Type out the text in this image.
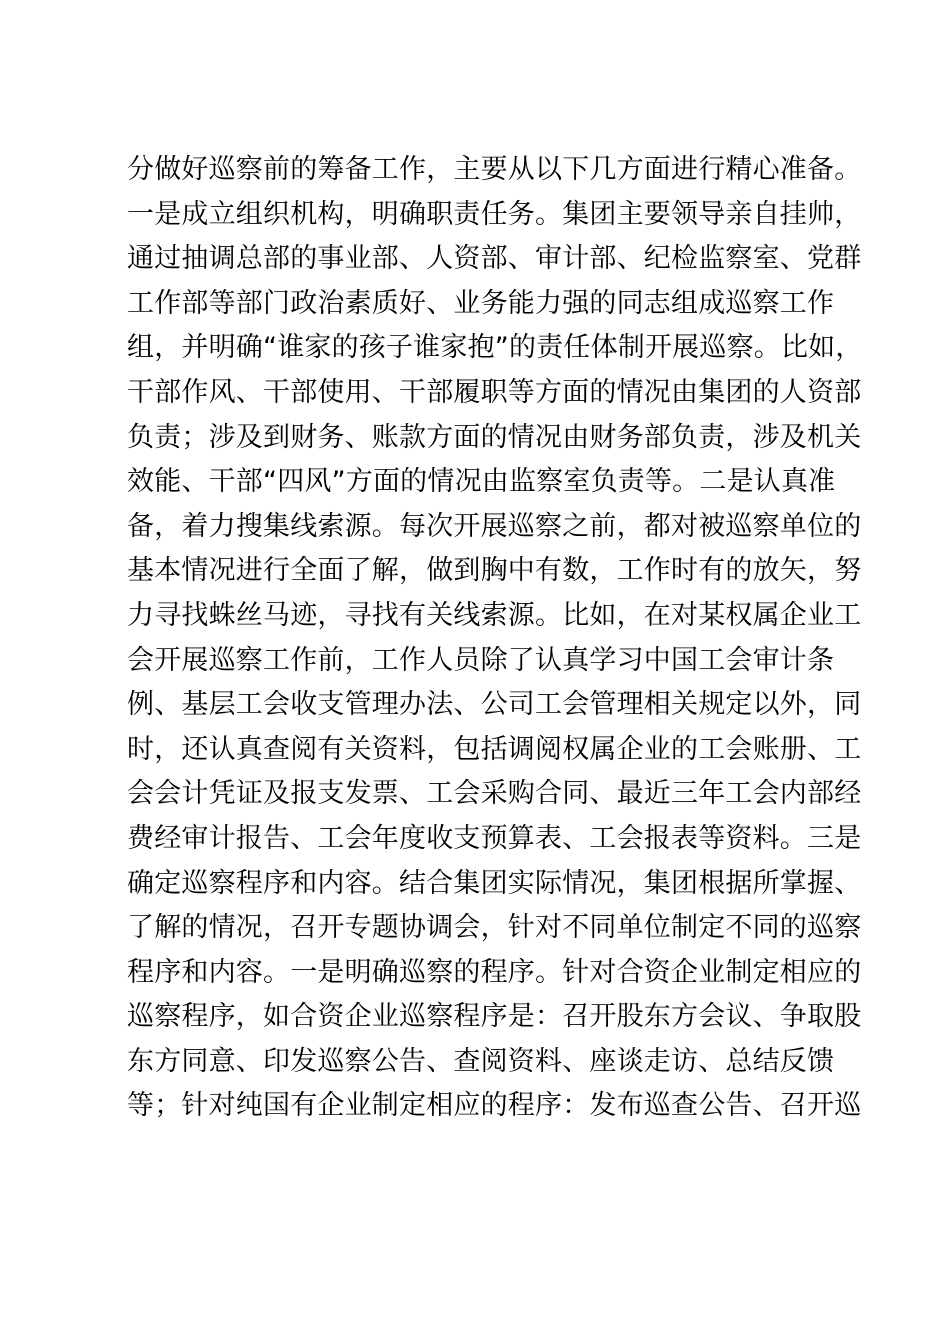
分做好巡察前的筹备工作，主要从以下几方面进行精心准备。
一是成立组织机构，明确职责任务。集团主要领导亲自挂帅，
通过抽调总部的事业部、人资部、审计部、纪检监察室、党群
工作部等部门政治素质好、业务能力强的同志组成巡察工作
组，并明确“谁家的孩子谁家抱”的责任体制开展巡察。比如，
干部作风、干部使用、干部履职等方面的情况由集团的人资部
负责；涉及到财务、账款方面的情况由财务部负责，涉及机关
效能、干部“四风”方面的情况由监察室负责等。二是认真准
备，着力搜集线索源。每次开展巡察之前，都对被巡察单位的
基本情况进行全面了解，做到胸中有数，工作时有的放矢，努
力寻找蛛丝马迹，寻找有关线索源。比如，在对某权属企业工
会开展巡察工作前，工作人员除了认真学习中国工会审计条
例、基层工会收支管理办法、公司工会管理相关规定以外，同
时，还认真查阅有关资料，包括调阅权属企业的工会账册、工
会会计凭证及报支发票、工会采购合同、最近三年工会内部经
费经审计报告、工会年度收支预算表、工会报表等资料。三是
确定巡察程序和内容。结合集团实际情况，集团根据所掌握、
了解的情况，召开专题协调会，针对不同单位制定不同的巡察
程序和内容。一是明确巡察的程序。针对合资企业制定相应的
巡察程序，如合资企业巡察程序是：召开股东方会议、争取股
东方同意、印发巡察公告、查阅资料、座谈走访、总结反馈
等；针对纯国有企业制定相应的程序：发布巡查公告、召开巡
